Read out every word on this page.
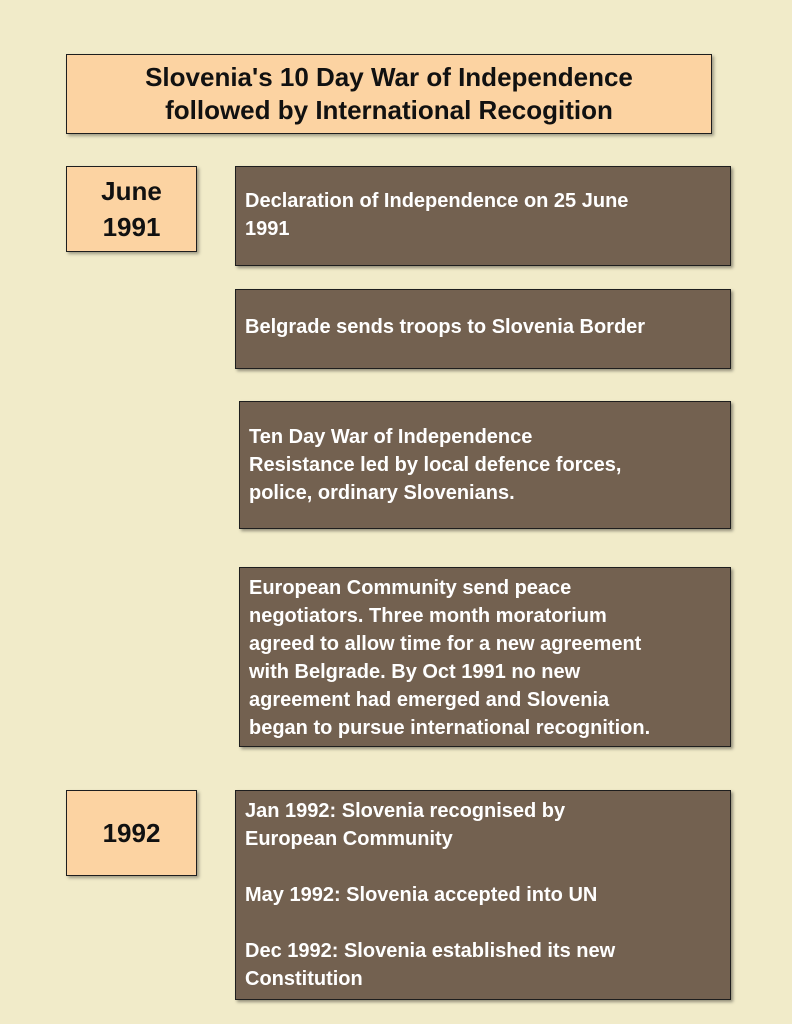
Slovenia's 10 Day War of Independence
followed by International Recogition
June
1991

Declaration of Independence on 25 June

1991

Belgrade sends troops to Slovenia Border

Ten Day War of Independence

Resistance led by local defence forces,

police, ordinary Slovenians.

European Community send peace

negotiators. Three month moratorium

agreed to allow time for a new agreement

with Belgrade. By Oct 1991 no new

agreement had emerged and Slovenia

began to pursue international recognition.

1992

Jan 1992: Slovenia recognised by

European Community

May 1992: Slovenia accepted into UN

Dec 1992: Slovenia established its new

Constitution
